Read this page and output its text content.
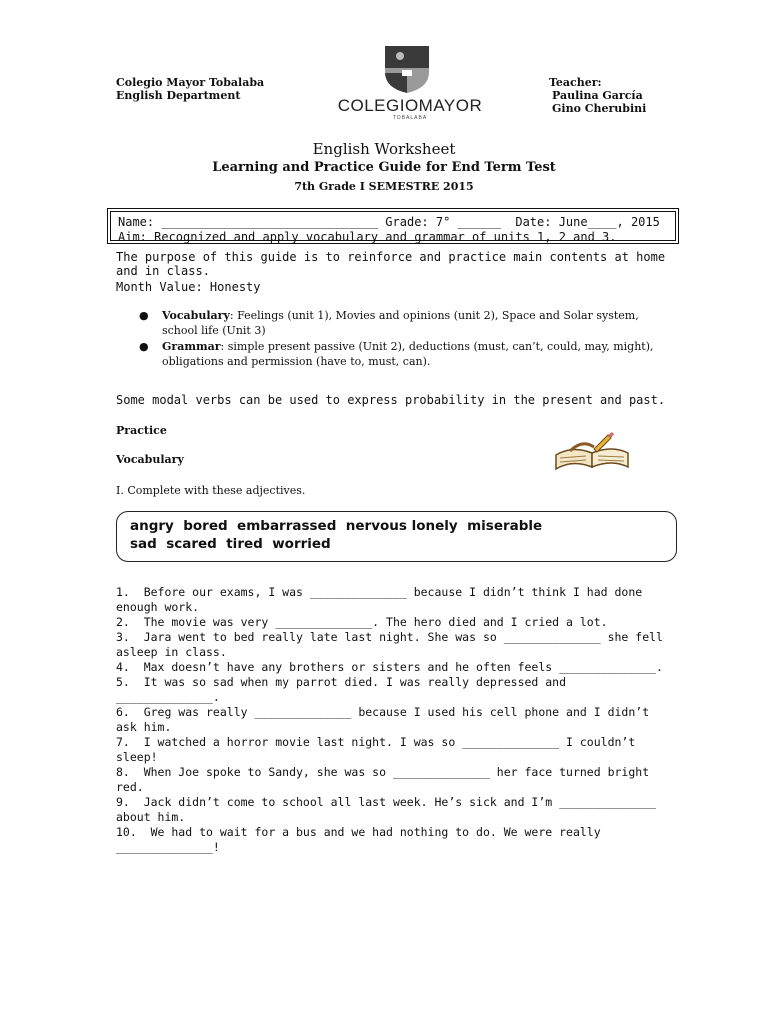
Colegio Mayor Tobalaba
English Department
COLEGIOMAYOR
TOBALABA
Teacher:
Paulina García
Gino Cherubini
English Worksheet
Learning and Practice Guide for End Term Test
7th Grade I SEMESTRE 2015
Name: ______________________________ Grade: 7° ______  Date: June____, 2015
Aim: Recognized and apply vocabulary and grammar of units 1, 2 and 3.
The purpose of this guide is to reinforce and practice main contents at home and in class.
Month Value: Honesty
● Vocabulary: Feelings (unit 1), Movies and opinions (unit 2), Space and Solar system, school life (Unit 3)
● Grammar: simple present passive (Unit 2), deductions (must, can’t, could, may, might), obligations and permission (have to, must, can).
Some modal verbs can be used to express probability in the present and past.
Practice
Vocabulary
I. Complete with these adjectives.
angry  bored  embarrassed  nervous lonely  miserable
sad  scared  tired  worried
1.  Before our exams, I was ______________ because I didn’t think I had done enough work.
2.  The movie was very ______________. The hero died and I cried a lot.
3.  Jara went to bed really late last night. She was so ______________ she fell asleep in class.
4.  Max doesn’t have any brothers or sisters and he often feels ______________.
5.  It was so sad when my parrot died. I was really depressed and ______________.
6.  Greg was really ______________ because I used his cell phone and I didn’t ask him.
7.  I watched a horror movie last night. I was so ______________ I couldn’t sleep!
8.  When Joe spoke to Sandy, she was so ______________ her face turned bright red.
9.  Jack didn’t come to school all last week. He’s sick and I’m ______________ about him.
10.  We had to wait for a bus and we had nothing to do. We were really ______________!
